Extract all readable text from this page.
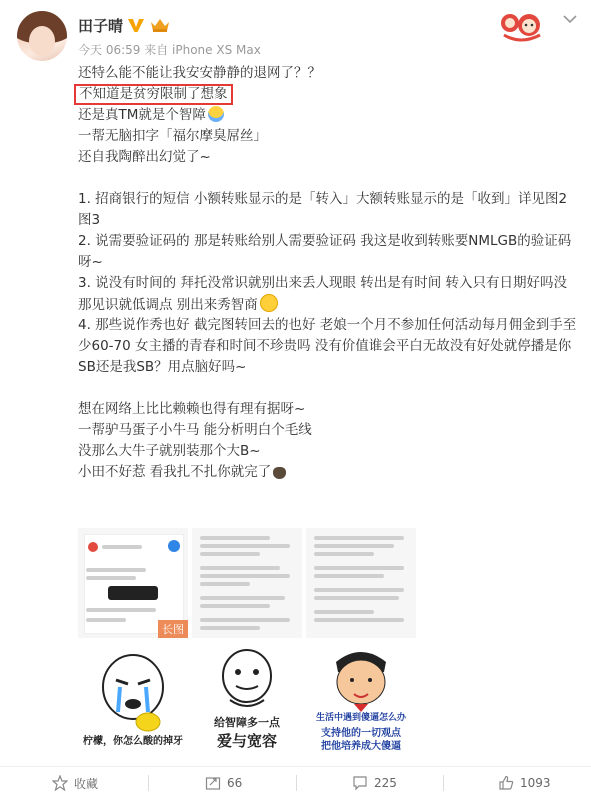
田子晴
今天 06:59 来自 iPhone XS Max
还特么能不能让我安安静静的退网了？？
不知道是贫穷限制了想象
还是真TM就是个智障
一帮无脑扣字「福尔摩臭屌丝」
还自我陶醉出幻觉了~
1. 招商银行的短信 小额转账显示的是「转入」大额转账显示的是「收到」详见图2图3
2. 说需要验证码的 那是转账给别人需要验证码 我这是收到转账要NMLGB的验证码呀~
3. 说没有时间的 拜托没常识就别出来丢人现眼 转出是有时间 转入只有日期好吗没那见识就低调点 别出来秀智商
4. 那些说作秀也好 截完图转回去的也好 老娘一个月不参加任何活动每月佣金到手至少60-70 女主播的青春和时间不珍贵吗 没有价值谁会平白无故没有好处就停播是你SB还是我SB？用点脑好吗~
想在网络上比比赖赖也得有理有据呀~
一帮驴马蛋子小牛马 能分析明白个毛线
没那么大牛子就别装那个大B~
小田不好惹 看我扎不扎你就完了
长图
柠檬，你怎么酸的掉牙
给智障多一点
爱与宽容
生活中遇到傻逼怎么办
支持他的一切观点
把他培养成大傻逼
收藏	66	225	1093
